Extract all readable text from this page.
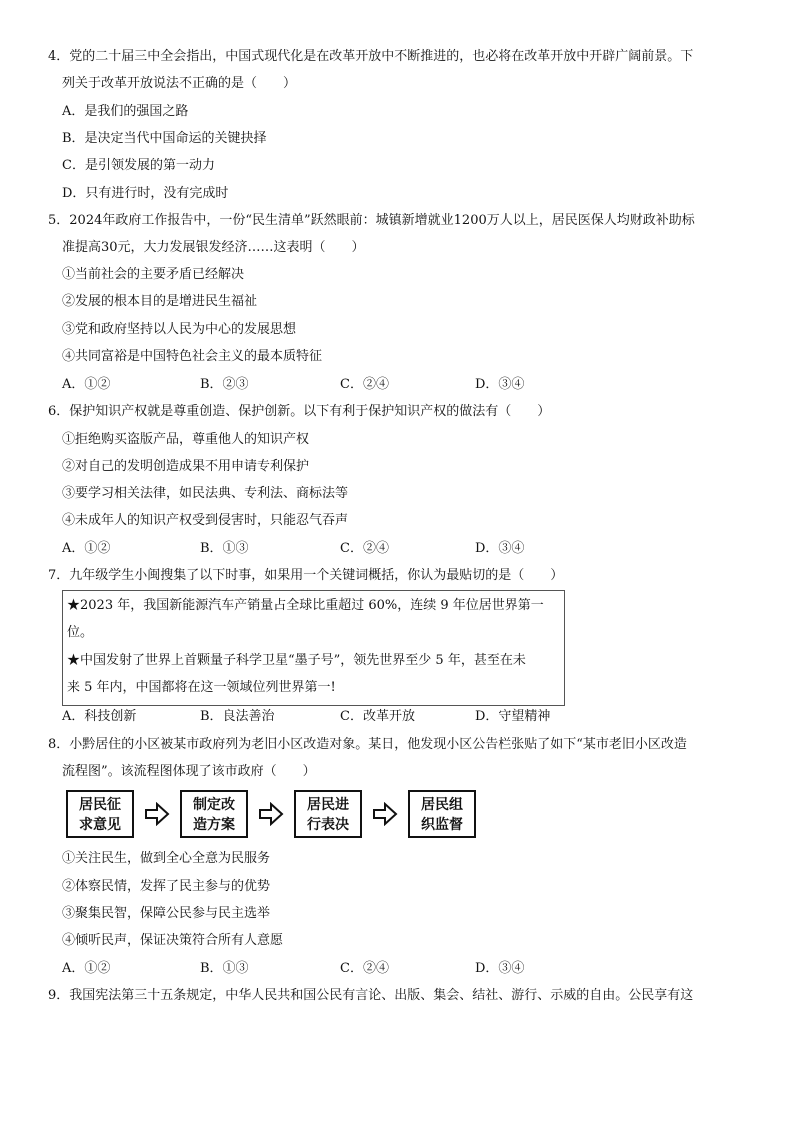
4．党的二十届三中全会指出，中国式现代化是在改革开放中不断推进的，也必将在改革开放中开辟广阔前景。下
列关于改革开放说法不正确的是（　　）
A．是我们的强国之路
B．是决定当代中国命运的关键抉择
C．是引领发展的第一动力
D．只有进行时，没有完成时
5．2024年政府工作报告中，一份“民生清单”跃然眼前：城镇新增就业1200万人以上，居民医保人均财政补助标
准提高30元，大力发展银发经济……这表明（　　）
①当前社会的主要矛盾已经解决
②发展的根本目的是增进民生福祉
③党和政府坚持以人民为中心的发展思想
④共同富裕是中国特色社会主义的最本质特征
A．①②	B．②③	C．②④	D．③④
6．保护知识产权就是尊重创造、保护创新。以下有利于保护知识产权的做法有（　　）
①拒绝购买盗版产品，尊重他人的知识产权
②对自己的发明创造成果不用申请专利保护
③要学习相关法律，如民法典、专利法、商标法等
④未成年人的知识产权受到侵害时，只能忍气吞声
A．①②	B．①③	C．②④	D．③④
7．九年级学生小闽搜集了以下时事，如果用一个关键词概括，你认为最贴切的是（　　）
★2023 年，我国新能源汽车产销量占全球比重超过 60%，连续 9 年位居世界第一
位。
★中国发射了世界上首颗量子科学卫星“墨子号”，领先世界至少 5 年，甚至在未
来 5 年内，中国都将在这一领域位列世界第一!
A．科技创新	B．良法善治	C．改革开放	D．守望精神
8．小黔居住的小区被某市政府列为老旧小区改造对象。某日，他发现小区公告栏张贴了如下“某市老旧小区改造
流程图”。该流程图体现了该市政府（　　）
居民征
求意见
制定改
造方案
居民进
行表决
居民组
织监督
①关注民生，做到全心全意为民服务
②体察民情，发挥了民主参与的优势
③聚集民智，保障公民参与民主选举
④倾听民声，保证决策符合所有人意愿
A．①②	B．①③	C．②④	D．③④
9．我国宪法第三十五条规定，中华人民共和国公民有言论、出版、集会、结社、游行、示威的自由。公民享有这
